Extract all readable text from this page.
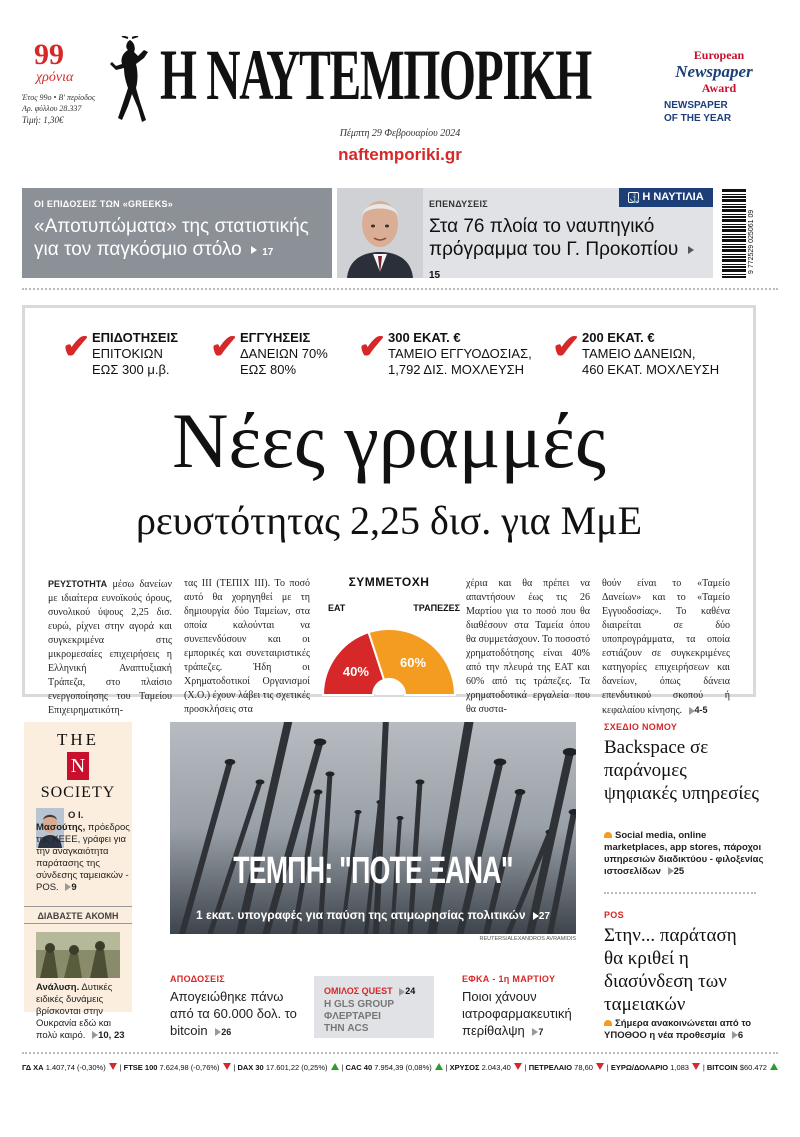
99
χρόνια
Έτος 99ο • Β' περίοδος
Αρ. φύλλου 28.337
Τιμή: 1,30€
Η ΝΑΥΤΕΜΠΟΡΙΚΗ
Πέμπτη 29 Φεβρουαρίου 2024
naftemporiki.gr
European
Newspaper
Award
NEWSPAPER
OF THE YEAR
ΟΙ ΕΠΙΔΟΣΕΙΣ ΤΩΝ «GREEKS»
«Αποτυπώματα» της στατιστικής για τον παγκόσμιο στόλο 17
ΕΠΕΝΔΥΣΕΙΣ
⚓ Η ΝΑΥΤΙΛΙΑ
Στα 76 πλοία το ναυπηγικό πρόγραμμα του Γ. Προκοπίου  15
9 772529 025061 09
✔ ΕΠΙΔΟΤΗΣΕΙΣ
ΕΠΙΤΟΚΙΩΝ
ΕΩΣ 300 μ.β.
✔ ΕΓΓΥΗΣΕΙΣ
ΔΑΝΕΙΩΝ 70%
ΕΩΣ 80%
✔ 300 ΕΚΑΤ. €
ΤΑΜΕΙΟ ΕΓΓΥΟΔΟΣΙΑΣ,
1,792 ΔΙΣ. ΜΟΧΛΕΥΣΗ
✔ 200 ΕΚΑΤ. €
ΤΑΜΕΙΟ ΔΑΝΕΙΩΝ,
460 ΕΚΑΤ. ΜΟΧΛΕΥΣΗ
Νέες γραμμές
ρευστότητας 2,25 δισ. για ΜμΕ
ΡΕΥΣΤΟΤΗΤΑ μέσω δανείων με ιδιαίτερα ευνοϊκούς όρους, συνολικού ύψους 2,25 δισ. ευρώ, ρίχνει στην αγορά και συγκεκριμένα στις μικρομεσαίες επιχειρήσεις η Ελληνική Αναπτυξιακή Τράπεζα, στο πλαίσιο ενεργοποίησης του Ταμείου Επιχειρηματικότη-
τας ΙΙΙ (ΤΕΠΙΧ ΙΙΙ). Το ποσό αυτό θα χορηγηθεί με τη δημιουργία δύο Ταμείων, στα οποία καλούνται να συνεπενδύσουν και οι εμπορικές και συνεταιριστικές τράπεζες. Ήδη οι Χρηματοδοτικοί Οργανισμοί (Χ.Ο.) έχουν λάβει τις σχετικές προσκλήσεις στα
χέρια και θα πρέπει να απαντήσουν έως τις 26 Μαρτίου για το ποσό που θα διαθέσουν στα Ταμεία όπου θα συμμετάσχουν. Το ποσοστό χρηματοδότησης είναι 40% από την πλευρά της ΕΑΤ και 60% από τις τράπεζες. Τα χρηματοδοτικά εργαλεία που θα συστα-
θούν είναι το «Ταμείο Δανείων» και το «Ταμείο Εγγυοδοσίας». Το καθένα διαιρείται σε δύο υποπρογράμματα, τα οποία εστιάζουν σε συγκεκριμένες κατηγορίες επιχειρήσεων και δανείων, όπως δάνεια επενδυτικού σκοπού ή κεφαλαίου κίνησης. 4-5
ΣΥΜΜΕΤΟΧΗ
ΕΑΤ	ΤΡΑΠΕΖΕΣ
40%
60%
THE
N
SOCIETY
Ο Ι. Μασούτης, πρόεδρος της ΚΕΕΕ, γράφει για την αναγκαιότητα παράτασης της σύνδεσης ταμειακών - POS. 9
ΔΙΑΒΑΣΤΕ ΑΚΟΜΗ
Ανάλυση. Δυτικές ειδικές δυνάμεις βρίσκονται στην Ουκρανία εδώ και πολύ καιρό. 10, 23
ΤΕΜΠΗ: "ΠΟΤΕ ΞΑΝΑ"
1 εκατ. υπογραφές για παύση της ατιμωρησίας πολιτικών 27
REUTERS/ALEXANDROS AVRAMIDIS
ΣΧΕΔΙΟ ΝΟΜΟΥ
Backspace σε παράνομες ψηφιακές υπηρεσίες
Social media, online marketplaces, app stores, πάροχοι υπηρεσιών διαδικτύου - φιλοξενίας ιστοσελίδων 25
POS
Στην... παράταση θα κριθεί η διασύνδεση των ταμειακών
Σήμερα ανακοινώνεται από το ΥΠΟΘΟΟ η νέα προθεσμία 6
ΑΠΟΔΟΣΕΙΣ
Απογειώθηκε πάνω από τα 60.000 δολ. το bitcoin 26
ΟΜΙΛΟΣ QUEST 24
Η GLS GROUP ΦΛΕΡΤΑΡΕΙ ΤΗΝ ACS
ΕΦΚΑ - 1η ΜΑΡΤΙΟΥ
Ποιοι χάνουν ιατροφαρμακευτική περίθαλψη 7
ΓΔ ΧΑ 1.407,74 (-0,30%)	| FTSE 100 7.624,98 (-0,76%)	| DAX 30 17.601,22 (0,25%)	| CAC 40 7.954,39 (0,08%)	| ΧΡΥΣΟΣ 2.043,40	| ΠΕΤΡΕΛΑΙΟ 78,60	| ΕΥΡΩ/ΔΟΛΑΡΙΟ 1,083	| BITCOIN $60.472
